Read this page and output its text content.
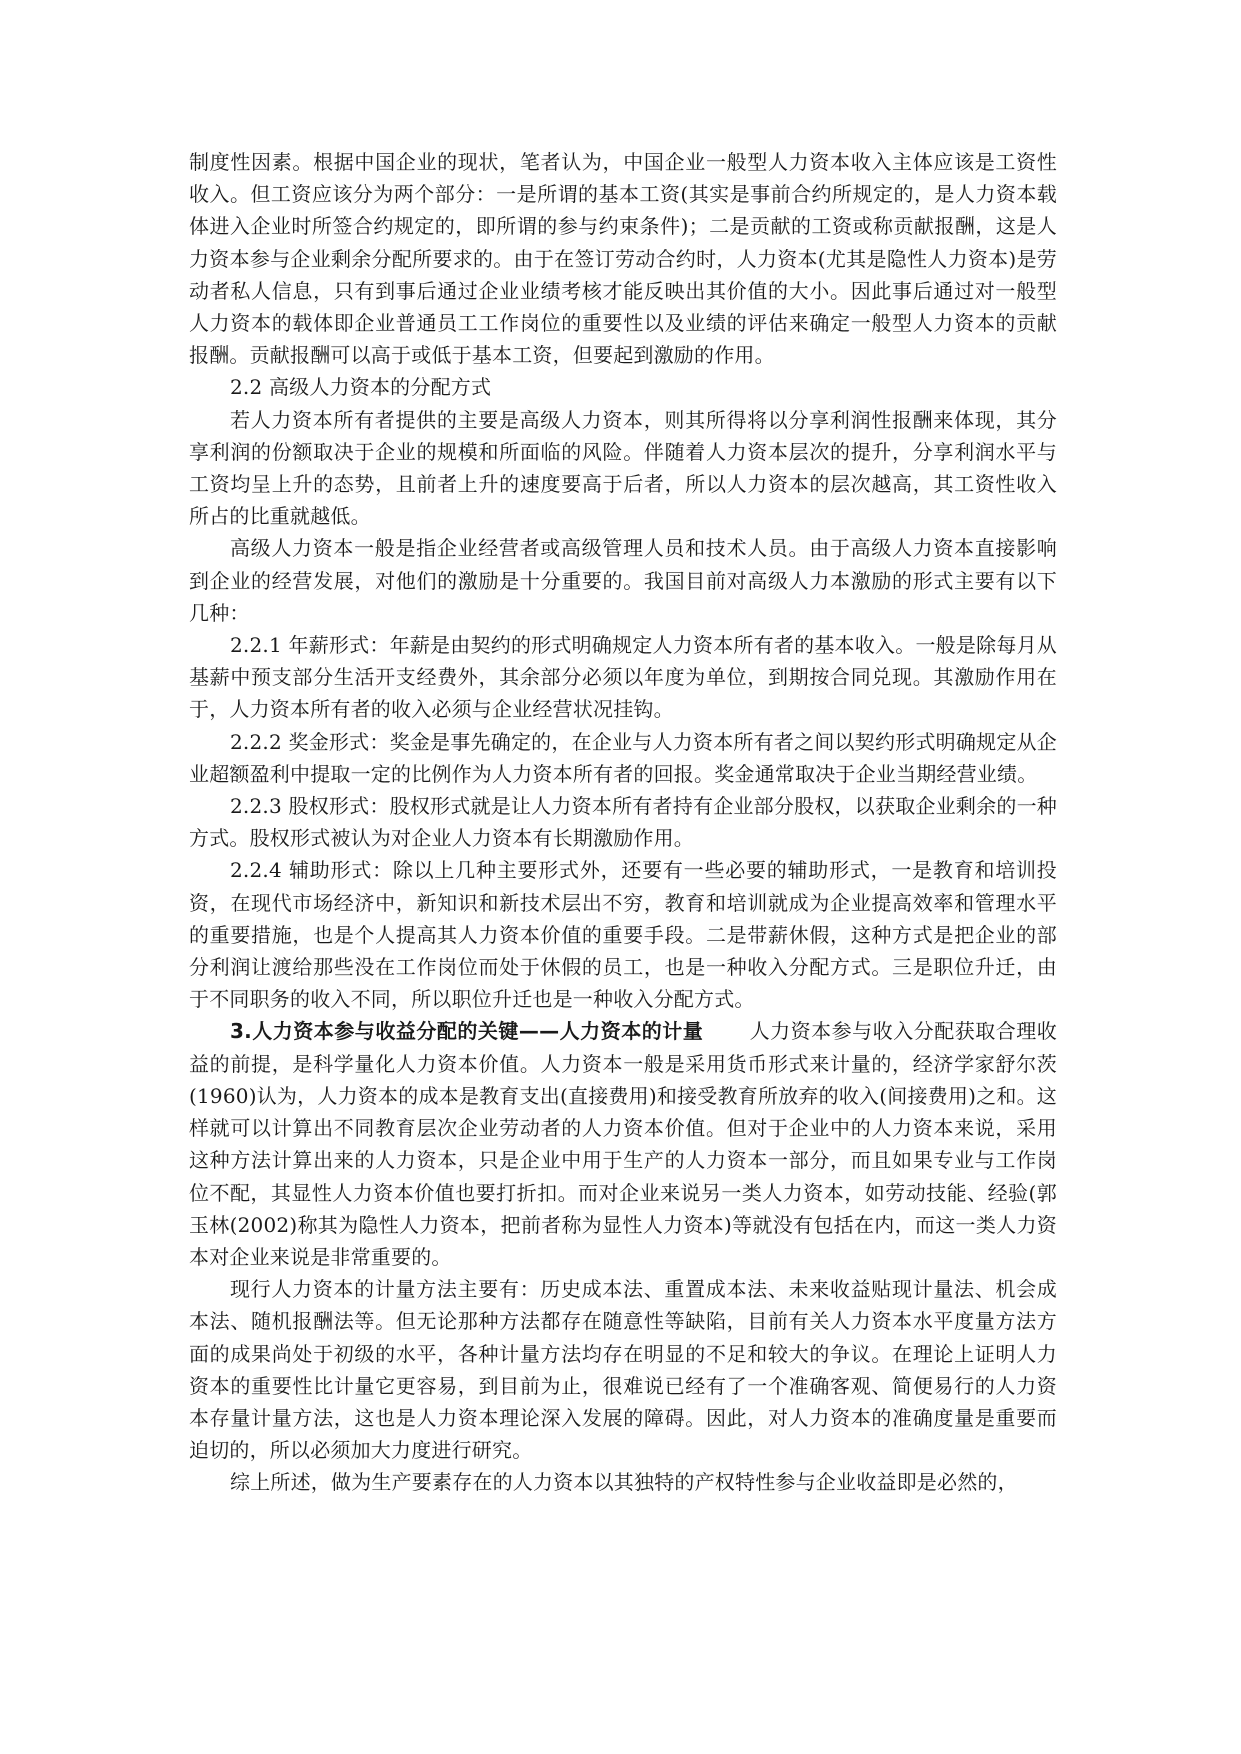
制度性因素。根据中国企业的现状，笔者认为，中国企业一般型人力资本收入主体应该是工资性收入。但工资应该分为两个部分：一是所谓的基本工资(其实是事前合约所规定的，是人力资本载体进入企业时所签合约规定的，即所谓的参与约束条件)；二是贡献的工资或称贡献报酬，这是人力资本参与企业剩余分配所要求的。由于在签订劳动合约时，人力资本(尤其是隐性人力资本)是劳动者私人信息，只有到事后通过企业业绩考核才能反映出其价值的大小。因此事后通过对一般型人力资本的载体即企业普通员工工作岗位的重要性以及业绩的评估来确定一般型人力资本的贡献报酬。贡献报酬可以高于或低于基本工资，但要起到激励的作用。

2.2 高级人力资本的分配方式

若人力资本所有者提供的主要是高级人力资本，则其所得将以分享利润性报酬来体现，其分享利润的份额取决于企业的规模和所面临的风险。伴随着人力资本层次的提升，分享利润水平与工资均呈上升的态势，且前者上升的速度要高于后者，所以人力资本的层次越高，其工资性收入所占的比重就越低。

高级人力资本一般是指企业经营者或高级管理人员和技术人员。由于高级人力资本直接影响到企业的经营发展，对他们的激励是十分重要的。我国目前对高级人力本激励的形式主要有以下几种：

2.2.1 年薪形式：年薪是由契约的形式明确规定人力资本所有者的基本收入。一般是除每月从基薪中预支部分生活开支经费外，其余部分必须以年度为单位，到期按合同兑现。其激励作用在于，人力资本所有者的收入必须与企业经营状况挂钩。

2.2.2 奖金形式：奖金是事先确定的，在企业与人力资本所有者之间以契约形式明确规定从企业超额盈利中提取一定的比例作为人力资本所有者的回报。奖金通常取决于企业当期经营业绩。

2.2.3 股权形式：股权形式就是让人力资本所有者持有企业部分股权，以获取企业剩余的一种方式。股权形式被认为对企业人力资本有长期激励作用。

2.2.4 辅助形式：除以上几种主要形式外，还要有一些必要的辅助形式，一是教育和培训投资，在现代市场经济中，新知识和新技术层出不穷，教育和培训就成为企业提高效率和管理水平的重要措施，也是个人提高其人力资本价值的重要手段。二是带薪休假，这种方式是把企业的部分利润让渡给那些没在工作岗位而处于休假的员工，也是一种收入分配方式。三是职位升迁，由于不同职务的收入不同，所以职位升迁也是一种收入分配方式。

3.人力资本参与收益分配的关键——人力资本的计量 人力资本参与收入分配获取合理收益的前提，是科学量化人力资本价值。人力资本一般是采用货币形式来计量的，经济学家舒尔茨(1960)认为，人力资本的成本是教育支出(直接费用)和接受教育所放弃的收入(间接费用)之和。这样就可以计算出不同教育层次企业劳动者的人力资本价值。但对于企业中的人力资本来说，采用这种方法计算出来的人力资本，只是企业中用于生产的人力资本一部分，而且如果专业与工作岗位不配，其显性人力资本价值也要打折扣。而对企业来说另一类人力资本，如劳动技能、经验(郭玉林(2002)称其为隐性人力资本，把前者称为显性人力资本)等就没有包括在内，而这一类人力资本对企业来说是非常重要的。

现行人力资本的计量方法主要有：历史成本法、重置成本法、未来收益贴现计量法、机会成本法、随机报酬法等。但无论那种方法都存在随意性等缺陷，目前有关人力资本水平度量方法方面的成果尚处于初级的水平，各种计量方法均存在明显的不足和较大的争议。在理论上证明人力资本的重要性比计量它更容易，到目前为止，很难说已经有了一个准确客观、简便易行的人力资本存量计量方法，这也是人力资本理论深入发展的障碍。因此，对人力资本的准确度量是重要而迫切的，所以必须加大力度进行研究。

综上所述，做为生产要素存在的人力资本以其独特的产权特性参与企业收益即是必然的，
